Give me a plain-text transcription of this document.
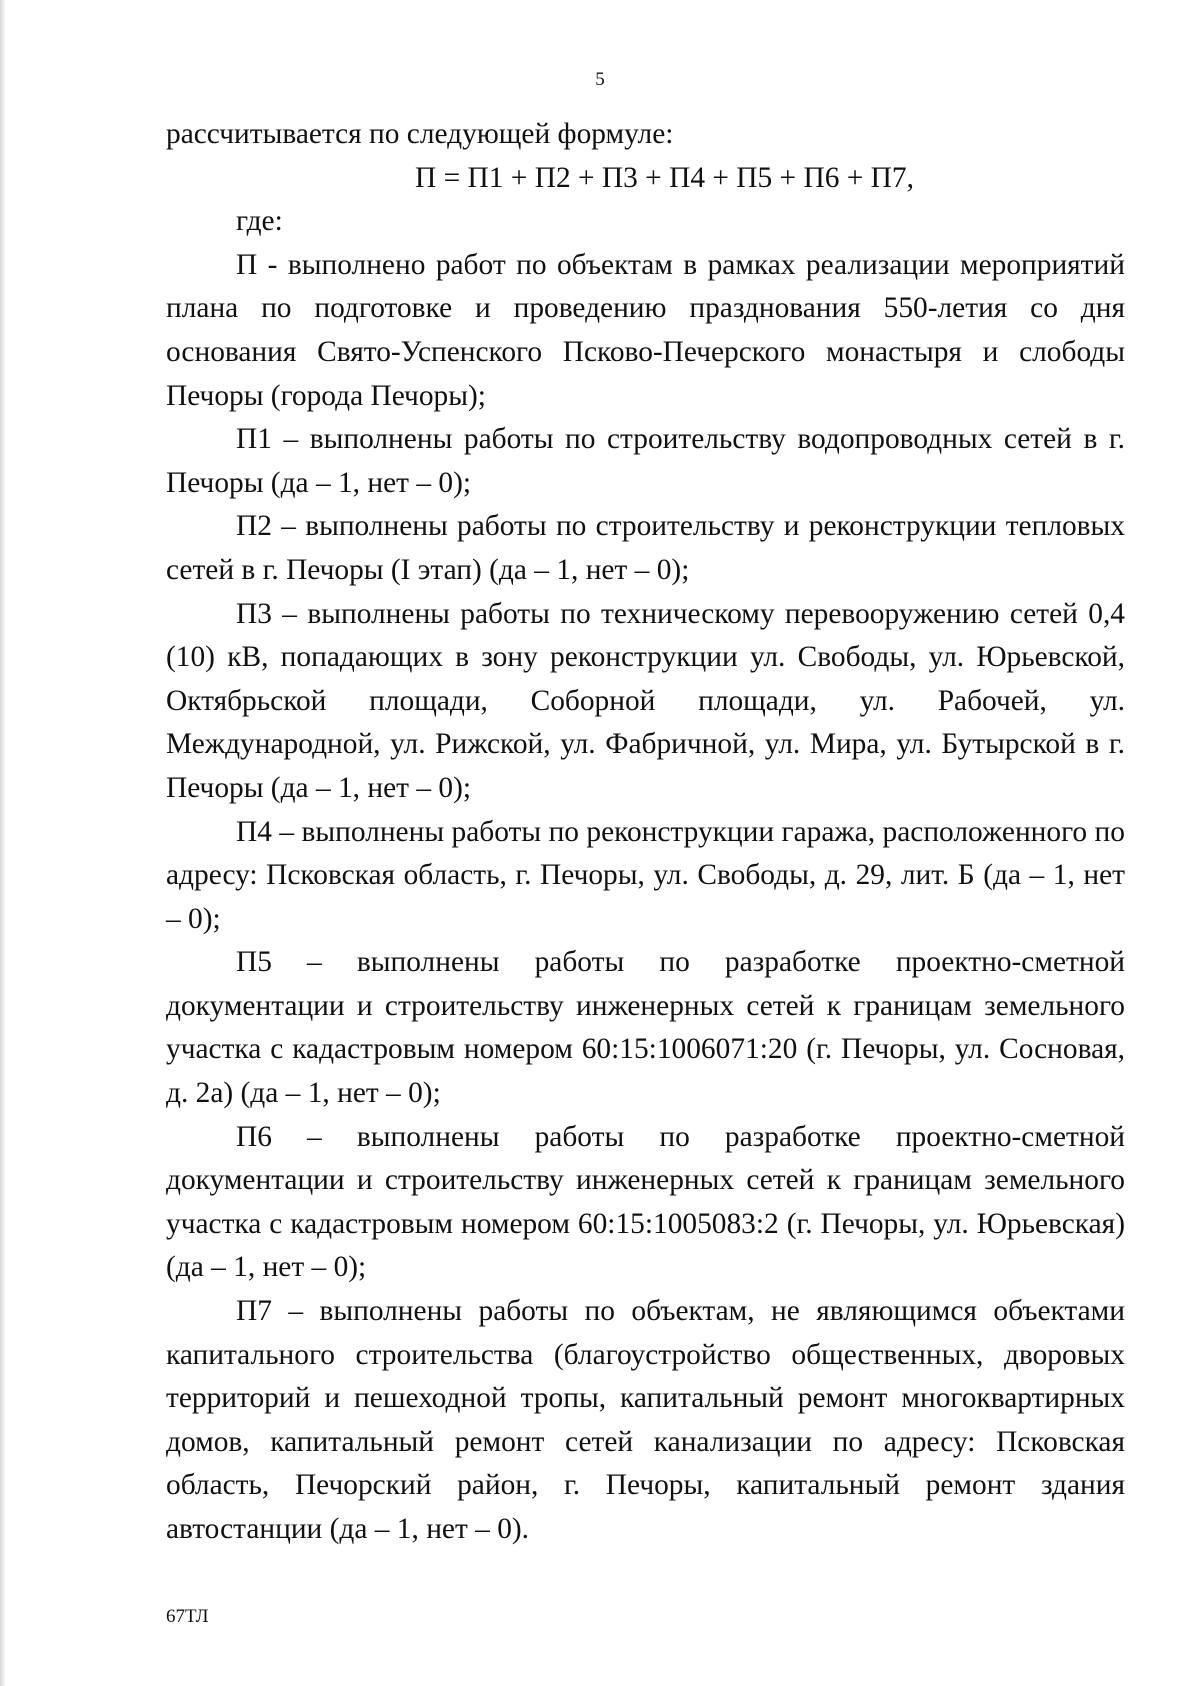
5

рассчитывается по следующей формуле:

П = П1 + П2 + П3 + П4 + П5 + П6 + П7,

где:

П - выполнено работ по объектам в рамках реализации мероприятий плана по подготовке и проведению празднования 550-летия со дня основания Свято-Успенского Псково-Печерского монастыря и слободы Печоры (города Печоры);

П1 – выполнены работы по строительству водопроводных сетей в г. Печоры (да – 1, нет – 0);

П2 – выполнены работы по строительству и реконструкции тепловых сетей в г. Печоры (I этап) (да – 1, нет – 0);

П3 – выполнены работы по техническому перевооружению сетей 0,4 (10) кВ, попадающих в зону реконструкции ул. Свободы, ул. Юрьевской, Октябрьской площади, Соборной площади, ул. Рабочей, ул. Международной, ул. Рижской, ул. Фабричной, ул. Мира, ул. Бутырской в г. Печоры (да – 1, нет – 0);

П4 – выполнены работы по реконструкции гаража, расположенного по адресу: Псковская область, г. Печоры, ул. Свободы, д. 29, лит. Б (да – 1, нет – 0);

П5 – выполнены работы по разработке проектно-сметной документации и строительству инженерных сетей к границам земельного участка с кадастровым номером 60:15:1006071:20 (г. Печоры, ул. Сосновая, д. 2а) (да – 1, нет – 0);

П6 – выполнены работы по разработке проектно-сметной документации и строительству инженерных сетей к границам земельного участка с кадастровым номером 60:15:1005083:2 (г. Печоры, ул. Юрьевская) (да – 1, нет – 0);

П7 – выполнены работы по объектам, не являющимся объектами капитального строительства (благоустройство общественных, дворовых территорий и пешеходной тропы, капитальный ремонт многоквартирных домов, капитальный ремонт сетей канализации по адресу: Псковская область, Печорский район, г. Печоры, капитальный ремонт здания автостанции (да – 1, нет – 0).

67ТЛ
